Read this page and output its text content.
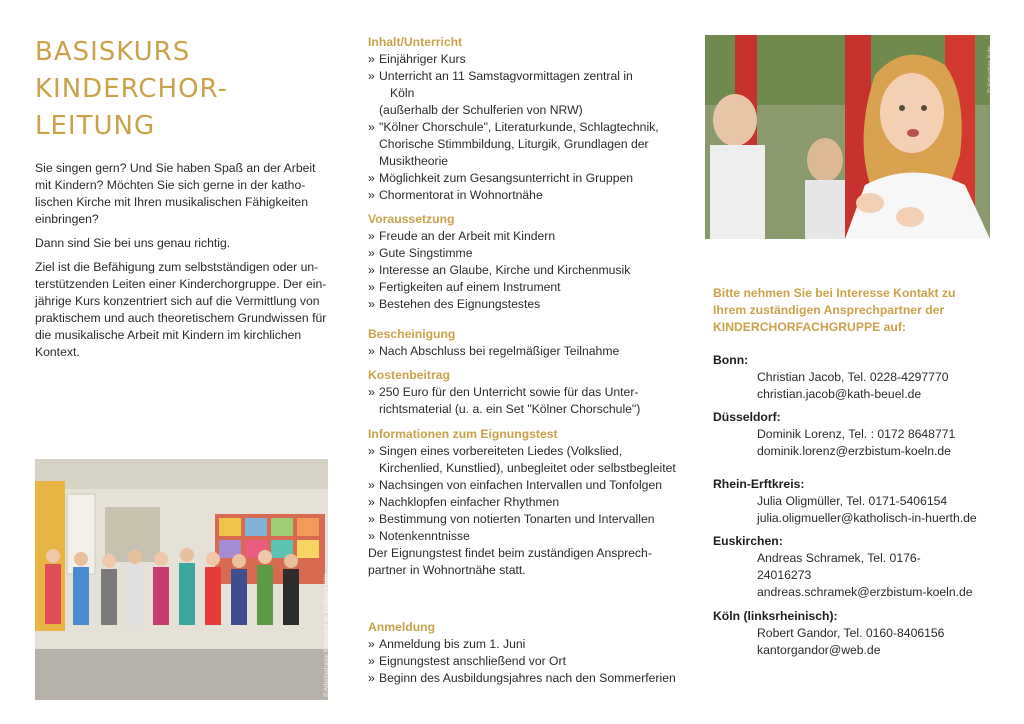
BASISKURS
KINDERCHOR-
LEITUNG

Sie singen gern? Und Sie haben Spaß an der Arbeit mit Kindern? Möchten Sie sich gerne in der katholischen Kirche mit Ihren musikalischen Fähigkeiten einbringen?

Dann sind Sie bei uns genau richtig.

Ziel ist die Befähigung zum selbstständigen oder unterstützenden Leiten einer Kinderchorgruppe. Der einjährige Kurs konzentriert sich auf die Vermittlung von praktischem und auch theoretischem Grundwissen für die musikalische Arbeit mit Kindern im kirchlichen Kontext.

© Arbeitsgruppe Kinderchor im Erzbistum Köln
Inhalt/Unterricht
» Einjähriger Kurs
» Unterricht an 11 Samstagvormittagen zentral in
Köln
(außerhalb der Schulferien von NRW)
» "Kölner Chorschule", Literaturkunde, Schlagtechnik, Chorische Stimmbildung, Liturgik, Grundlagen der Musiktheorie
» Möglichkeit zum Gesangsunterricht in Gruppen
» Chormentorat in Wohnortnähe
Voraussetzung
» Freude an der Arbeit mit Kindern
» Gute Singstimme
» Interesse an Glaube, Kirche und Kirchenmusik
» Fertigkeiten auf einem Instrument
» Bestehen des Eignungstestes
Bescheinigung
» Nach Abschluss bei regelmäßiger Teilnahme
Kostenbeitrag
» 250 Euro für den Unterricht sowie für das Unterrichtsmaterial (u. a. ein Set "Kölner Chorschule")
Informationen zum Eignungstest
» Singen eines vorbereiteten Liedes (Volkslied, Kirchenlied, Kunstlied), unbegleitet oder selbstbegleitet
» Nachsingen von einfachen Intervallen und Tonfolgen
» Nachklopfen einfacher Rhythmen
» Bestimmung von notierten Tonarten und Intervallen
» Notenkenntnisse
Der Eignungstest findet beim zuständigen Ansprechpartner in Wohnortnähe statt.
Anmeldung
» Anmeldung bis zum 1. Juni
» Eignungstest anschließend vor Ort
» Beginn des Ausbildungsjahres nach den Sommerferien
© Sebastian Sehr
Bitte nehmen Sie bei Interesse Kontakt zu Ihrem zuständigen Ansprechpartner der KINDERCHORFACHGRUPPE auf:
Bonn:
Christian Jacob, Tel. 0228-4297770
christian.jacob@kath-beuel.de
Düsseldorf:
Dominik Lorenz, Tel. : 0172 8648771
dominik.lorenz@erzbistum-koeln.de
Rhein-Erftkreis:
Julia Oligmüller, Tel. 0171-5406154
julia.oligmueller@katholisch-in-huerth.de
Euskirchen:
Andreas Schramek, Tel. 0176-
24016273
andreas.schramek@erzbistum-koeln.de
Köln (linksrheinisch):
Robert Gandor, Tel. 0160-8406156
kantorgandor@web.de
